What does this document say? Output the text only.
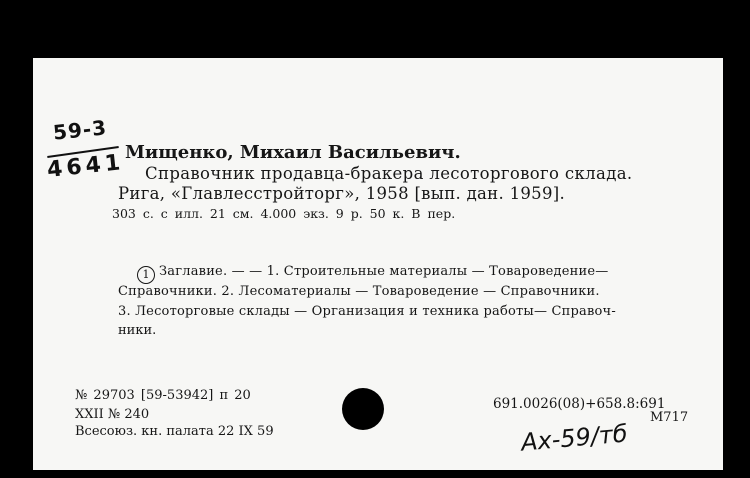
59-3
4641 Мищенко, Михаил Васильевич.
Справочник продавца-бракера лесоторгового склада.
Рига, «Главлесстройторг», 1958 [вып. дан. 1959].
303 с. с илл. 21 см. 4.000 экз. 9 р. 50 к. В пер.
1 Заглавие. — — 1. Строительные материалы — Товароведение—
Справочники. 2. Лесоматериалы — Товароведение — Справочники.
3. Лесоторговые склады — Организация и техника работы— Справоч-
ники.
№ 29703 [59-53942] п 20
XXII № 240
Всесоюз. кн. палата 22 IX 59
691.0026(08)+658.8:691
М717
Ах-59/тб
